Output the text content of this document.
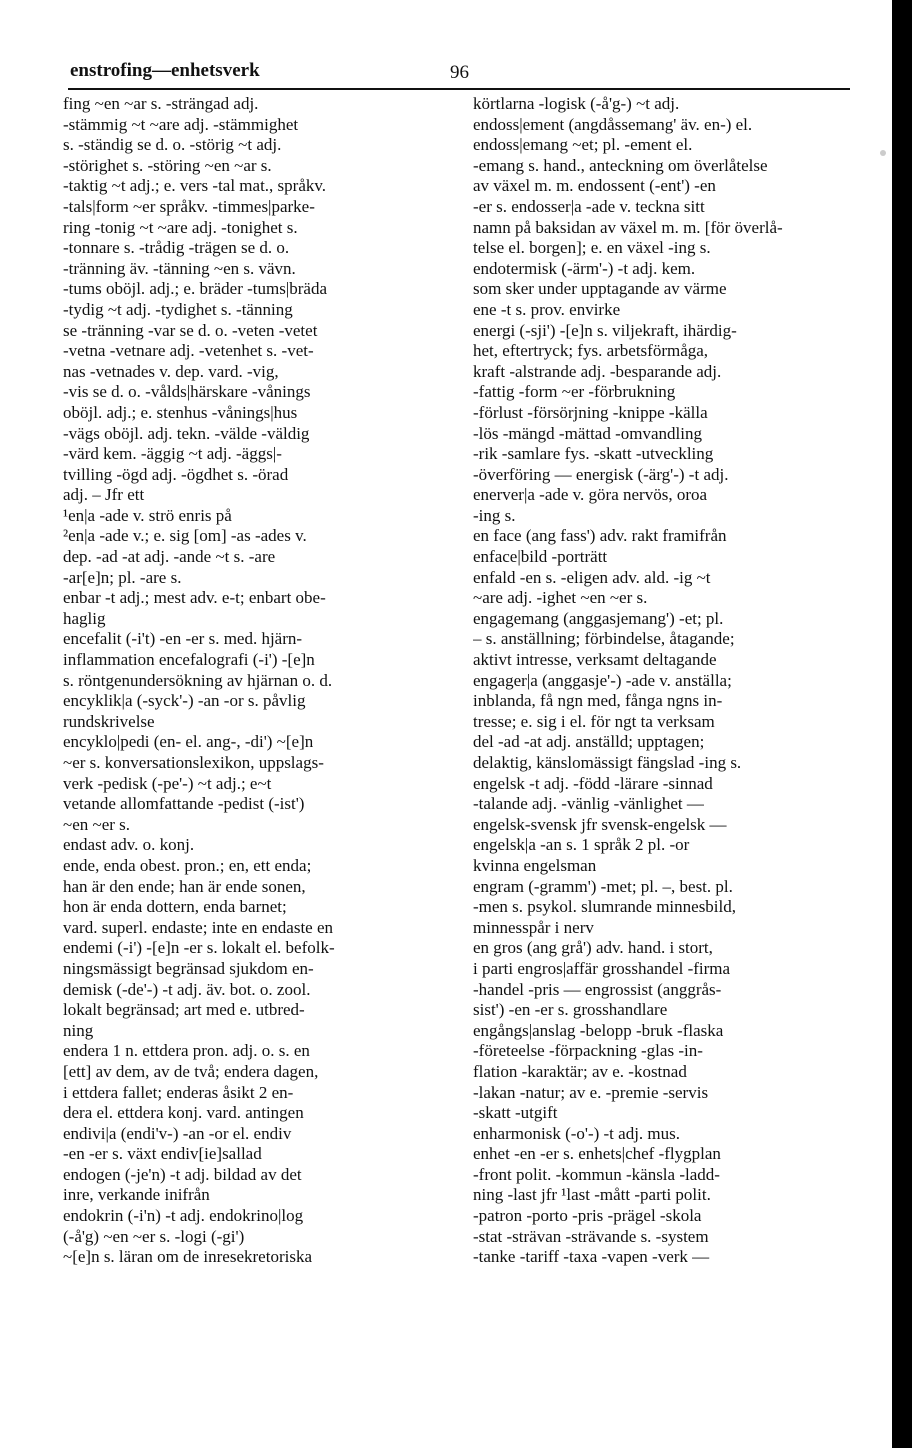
enstrofing—enhetsverk	96
fing ~en ~ar s. -strängad adj.
-stämmig ~t ~are adj. -stämmighet
s. -ständig se d. o. -störig ~t adj.
-störighet s. -störing ~en ~ar s.
-taktig ~t adj.; e. vers -tal mat., språkv.
-tals|form ~er språkv. -timmes|parke-
ring -tonig ~t ~are adj. -tonighet s.
-tonnare s. -trådig -trägen se d. o.
-tränning äv. -tänning ~en s. vävn.
-tums oböjl. adj.; e. bräder -tums|bräda
-tydig ~t adj. -tydighet s. -tänning
se -tränning -var se d. o. -veten -vetet
-vetna -vetnare adj. -vetenhet s. -vet-
nas -vetnades v. dep. vard. -vig,
-vis se d. o. -vålds|härskare -vånings
oböjl. adj.; e. stenhus -vånings|hus
-vägs oböjl. adj. tekn. -välde -väldig
-värd kem. -äggig ~t adj. -äggs|-
tvilling -ögd adj. -ögdhet s. -örad
adj. – Jfr ett
¹en|a -ade v. strö enris på
²en|a -ade v.; e. sig [om] -as -ades v.
dep. -ad -at adj. -ande ~t s. -are
-ar[e]n; pl. -are s.
enbar -t adj.; mest adv. e-t; enbart obe-
haglig
encefalit (-i't) -en -er s. med. hjärn-
inflammation encefalografi (-i') -[e]n
s. röntgenundersökning av hjärnan o. d.
encyklik|a (-syck'-) -an -or s. påvlig
rundskrivelse
encyklo|pedi (en- el. ang-, -di') ~[e]n
~er s. konversationslexikon, uppslags-
verk -pedisk (-pe'-) ~t adj.; e~t
vetande allomfattande -pedist (-ist')
~en ~er s.
endast adv. o. konj.
ende, enda obest. pron.; en, ett enda;
han är den ende; han är ende sonen,
hon är enda dottern, enda barnet;
vard. superl. endaste; inte en endaste en
endemi (-i') -[e]n -er s. lokalt el. befolk-
ningsmässigt begränsad sjukdom en-
demisk (-de'-) -t adj. äv. bot. o. zool.
lokalt begränsad; art med e. utbred-
ning
endera 1 n. ettdera pron. adj. o. s. en
[ett] av dem, av de två; endera dagen,
i ettdera fallet; enderas åsikt 2 en-
dera el. ettdera konj. vard. antingen
endivi|a (endi'v-) -an -or el. endiv
-en -er s. växt endiv[ie]sallad
endogen (-je'n) -t adj. bildad av det
inre, verkande inifrån
endokrin (-i'n) -t adj. endokrino|log
(-å'g) ~en ~er s. -logi (-gi')
~[e]n s. läran om de inresekretoriska
körtlarna -logisk (-å'g-) ~t adj.
endoss|ement (angdåssemang' äv. en-) el.
endoss|emang ~et; pl. -ement el.
-emang s. hand., anteckning om överlåtelse
av växel m. m. endossent (-ent') -en
-er s. endosser|a -ade v. teckna sitt
namn på baksidan av växel m. m. [för överlå-
telse el. borgen]; e. en växel -ing s.
endotermisk (-ärm'-) -t adj. kem.
som sker under upptagande av värme
ene -t s. prov. envirke
energi (-sji') -[e]n s. viljekraft, ihärdig-
het, eftertryck; fys. arbetsförmåga,
kraft -alstrande adj. -besparande adj.
-fattig -form ~er -förbrukning
-förlust -försörjning -knippe -källa
-lös -mängd -mättad -omvandling
-rik -samlare fys. -skatt -utveckling
-överföring — energisk (-ärg'-) -t adj.
enerver|a -ade v. göra nervös, oroa
-ing s.
en face (ang fass') adv. rakt framifrån
enface|bild -porträtt
enfald -en s. -eligen adv. ald. -ig ~t
~are adj. -ighet ~en ~er s.
engagemang (anggasjemang') -et; pl.
– s. anställning; förbindelse, åtagande;
aktivt intresse, verksamt deltagande
engager|a (anggasje'-) -ade v. anställa;
inblanda, få ngn med, fånga ngns in-
tresse; e. sig i el. för ngt ta verksam
del -ad -at adj. anställd; upptagen;
delaktig, känslomässigt fängslad -ing s.
engelsk -t adj. -född -lärare -sinnad
-talande adj. -vänlig -vänlighet —
engelsk-svensk jfr svensk-engelsk —
engelsk|a -an s. 1 språk 2 pl. -or
kvinna engelsman
engram (-gramm') -met; pl. –, best. pl.
-men s. psykol. slumrande minnesbild,
minnesspår i nerv
en gros (ang grå') adv. hand. i stort,
i parti engros|affär grosshandel -firma
-handel -pris — engrossist (anggrås-
sist') -en -er s. grosshandlare
engångs|anslag -belopp -bruk -flaska
-företeelse -förpackning -glas -in-
flation -karaktär; av e. -kostnad
-lakan -natur; av e. -premie -servis
-skatt -utgift
enharmonisk (-o'-) -t adj. mus.
enhet -en -er s. enhets|chef -flygplan
-front polit. -kommun -känsla -ladd-
ning -last jfr ¹last -mått -parti polit.
-patron -porto -pris -prägel -skola
-stat -strävan -strävande s. -system
-tanke -tariff -taxa -vapen -verk —
